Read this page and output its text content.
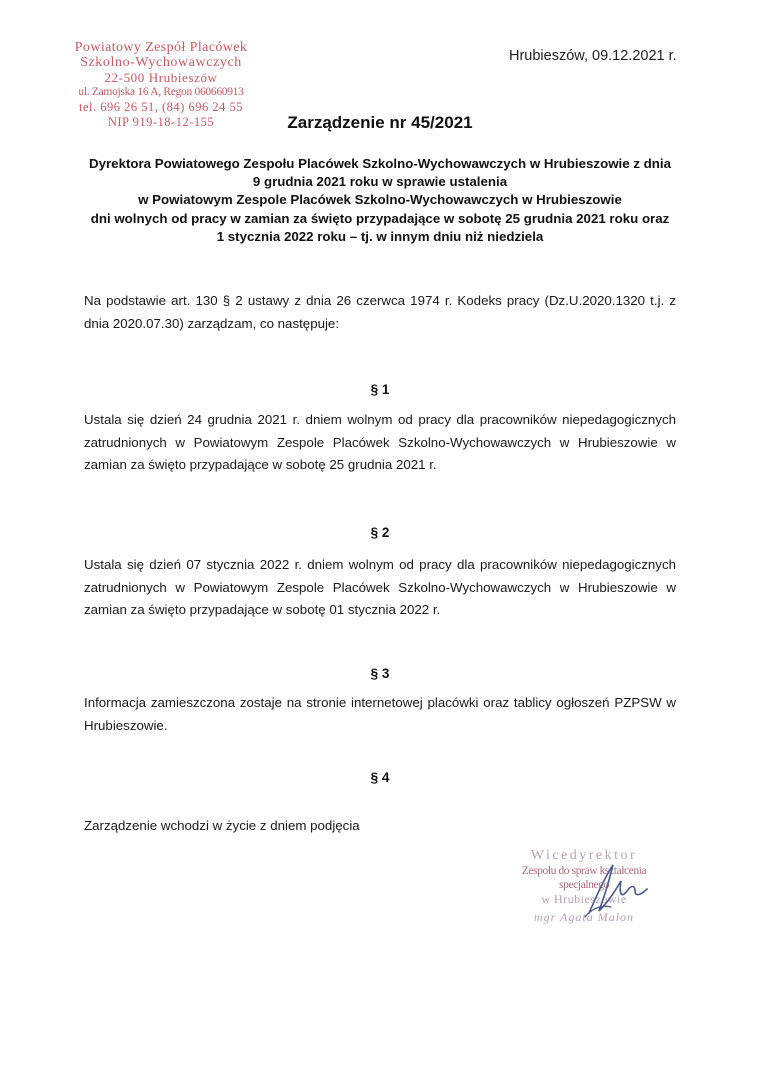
Powiatowy Zespół Placówek
Szkolno-Wychowawczych
22-500 Hrubieszów
ul. Zamojska 16 A, Regon 060660913
tel. 696 26 51, (84) 696 24 55
NIP 919-18-12-155
Hrubieszów, 09.12.2021 r.
Zarządzenie nr 45/2021
Dyrektora Powiatowego Zespołu Placówek Szkolno-Wychowawczych w Hrubieszowie z dnia
9 grudnia 2021 roku w sprawie ustalenia
w Powiatowym Zespole Placówek Szkolno-Wychowawczych w Hrubieszowie
dni wolnych od pracy w zamian za święto przypadające w sobotę 25 grudnia 2021 roku oraz
1 stycznia 2022 roku – tj. w innym dniu niż niedziela
Na podstawie art. 130 § 2 ustawy z dnia 26 czerwca 1974 r. Kodeks pracy (Dz.U.2020.1320 t.j. z dnia 2020.07.30) zarządzam, co następuje:
§ 1
Ustala się dzień 24 grudnia 2021 r. dniem wolnym od pracy dla pracowników niepedagogicznych zatrudnionych w Powiatowym Zespole Placówek Szkolno-Wychowawczych w Hrubieszowie w zamian za święto przypadające w sobotę 25 grudnia 2021 r.
§ 2
Ustala się dzień 07 stycznia 2022 r. dniem wolnym od pracy dla pracowników niepedagogicznych zatrudnionych w Powiatowym Zespole Placówek Szkolno-Wychowawczych w Hrubieszowie w zamian za święto przypadające w sobotę 01 stycznia 2022 r.
§ 3
Informacja zamieszczona zostaje na stronie internetowej placówki oraz tablicy ogłoszeń PZPSW w Hrubieszowie.
§ 4
Zarządzenie wchodzi w życie z dniem podjęcia
Wicedyrektor
Zespołu do spraw kształcenia specjalnego
w Hrubieszowie
mgr Agata Malon
